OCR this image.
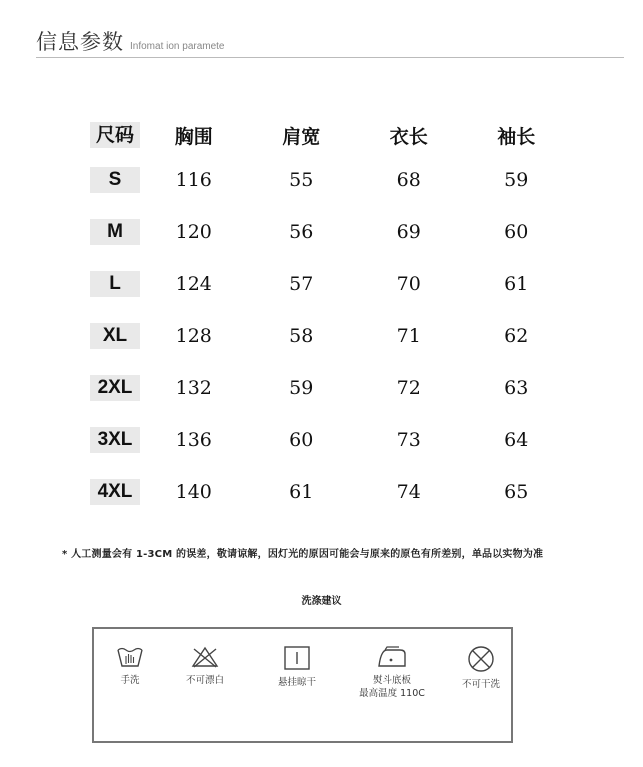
信息参数 Infomat ion paramete
尺码	胸围	肩宽	衣长	袖长
S	116	55	68	59
M	120	56	69	60
L	124	57	70	61
XL	128	58	71	62
2XL	132	59	72	63
3XL	136	60	73	64
4XL	140	61	74	65
* 人工测量会有 1-3CM 的误差，敬请谅解，因灯光的原因可能会与原来的原色有所差别，单品以实物为准
洗涤建议
手洗	不可漂白	悬挂晾干	熨斗底板
最高温度 110C
不可干洗
